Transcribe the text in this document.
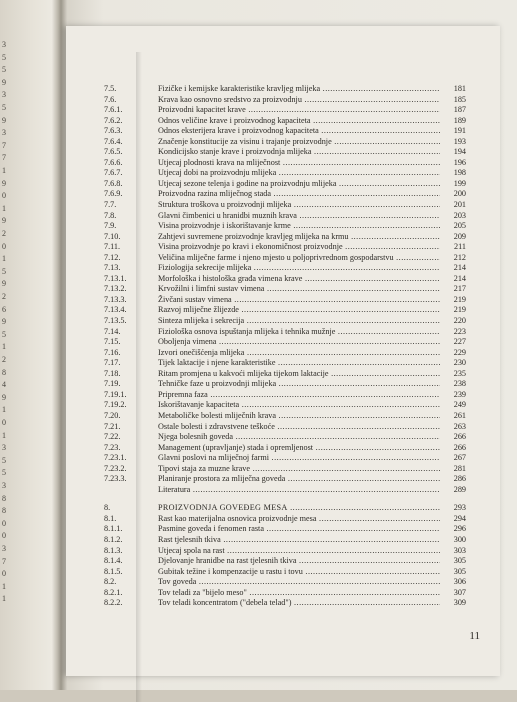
3
5
5
9
3
5
9
3
7
7
1
9
0
1
9
2
0
1
5
9
2
6
9
5
1
2
8
4
9
1
0
1
3
5
5
3
8
8
0
0
3
7
0
1
1
7.5.	Fizičke i kemijske karakteristike kravljeg mlijeka .....	181
7.6.	Krava kao osnovno sredstvo za proizvodnju .....	185
7.6.1.	Proizvodni kapacitet krave .....	187
7.6.2.	Odnos veličine krave i proizvodnog kapaciteta .....	189
7.6.3.	Odnos eksterijera krave i proizvodnog kapaciteta .....	191
7.6.4.	Značenje konstitucije za visinu i trajanje proizvodnje .....	193
7.6.5.	Kondicijsko stanje krave i proizvodnja mlijeka .....	194
7.6.6.	Utjecaj plodnosti krava na mliječnost .....	196
7.6.7.	Utjecaj dobi na proizvodnju mlijeka .....	198
7.6.8.	Utjecaj sezone telenja i godine na proizvodnju mlijeka .....	199
7.6.9.	Proizvodna razina mliječnog stada .....	200
7.7.	Struktura troškova u proizvodnji mlijeka .....	201
7.8.	Glavni čimbenici u hranidbi muznih krava .....	203
7.9.	Visina proizvodnje i iskorištavanje krme .....	205
7.10.	Zahtjevi suvremene proizvodnje kravljeg mlijeka na krmu .....	209
7.11.	Visina proizvodnje po kravi i ekonomičnost proizvodnje .....	211
7.12.	Veličina mliječne farme i njeno mjesto u poljoprivrednom gospodarstvu .....	212
7.13.	Fiziologija sekrecije mlijeka .....	214
7.13.1.	Morfološka i histološka građa vimena krave .....	214
7.13.2.	Krvožilni i limfni sustav vimena .....	217
7.13.3.	Živčani sustav vimena .....	219
7.13.4.	Razvoj mliječne žlijezde .....	219
7.13.5.	Sinteza mlijeka i sekrecija .....	220
7.14.	Fiziološka osnova ispuštanja mlijeka i tehnika mužnje .....	223
7.15.	Oboljenja vimena .....	227
7.16.	Izvori onečišćenja mlijeka .....	229
7.17.	Tijek laktacije i njene karakteristike .....	230
7.18.	Ritam promjena u kakvoći mlijeka tijekom laktacije .....	235
7.19.	Tehničke faze u proizvodnji mlijeka .....	238
7.19.1.	Pripremna faza .....	239
7.19.2.	Iskorištavanje kapaciteta .....	249
7.20.	Metaboličke bolesti mliječnih krava .....	261
7.21.	Ostale bolesti i zdravstvene teškoće .....	263
7.22.	Njega bolesnih goveda .....	266
7.23.	Management (upravljanje) stada i opremljenost .....	266
7.23.1.	Glavni poslovi na mliječnoj farmi .....	267
7.23.2.	Tipovi staja za muzne krave .....	281
7.23.3.	Planiranje prostora za mliječna goveda .....	286
Literatura .....	289
8.	PROIZVODNJA GOVEĐEG MESA .....	293
8.1.	Rast kao materijalna osnovica proizvodnje mesa .....	294
8.1.1.	Pasmine goveda i fenomen rasta .....	296
8.1.2.	Rast tjelesnih tkiva .....	300
8.1.3.	Utjecaj spola na rast .....	303
8.1.4.	Djelovanje hranidbe na rast tjelesnih tkiva .....	305
8.1.5.	Gubitak težine i kompenzacije u rastu i tovu .....	305
8.2.	Tov goveda .....	306
8.2.1.	Tov teladi za "bijelo meso" .....	307
8.2.2.	Tov teladi koncentratom ("debela telad") .....	309
11
